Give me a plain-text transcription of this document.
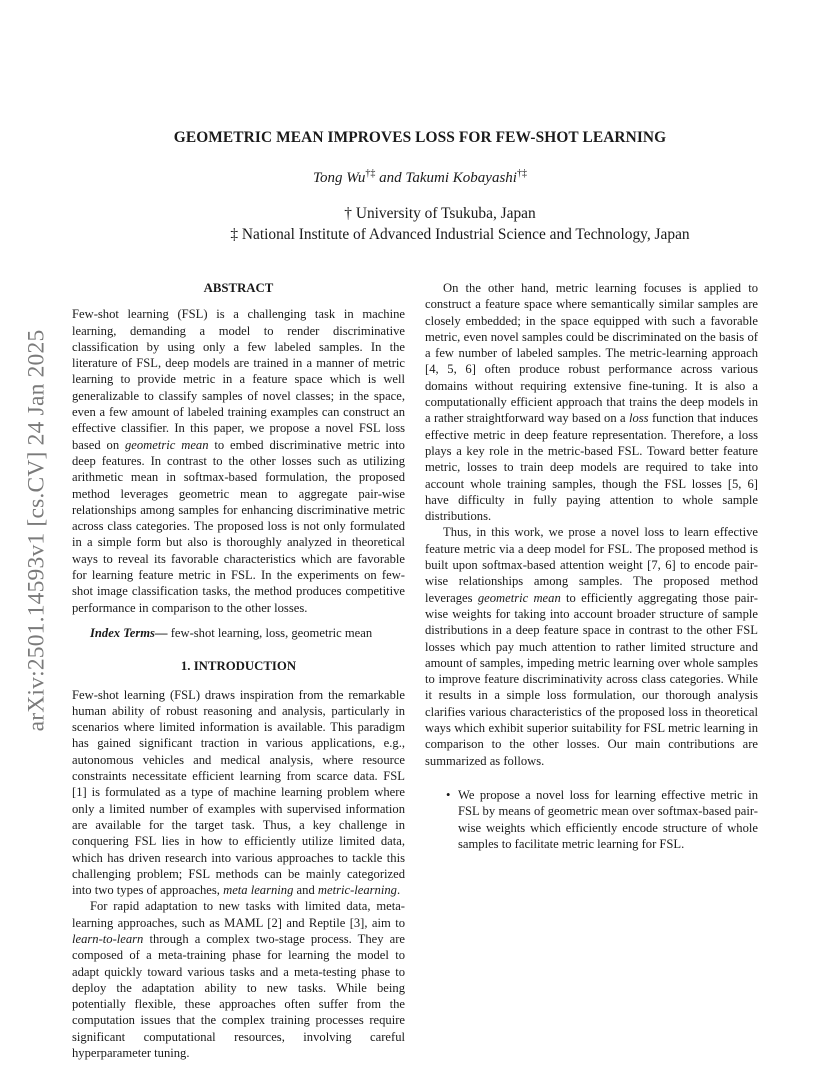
arXiv:2501.14593v1 [cs.CV] 24 Jan 2025
GEOMETRIC MEAN IMPROVES LOSS FOR FEW-SHOT LEARNING
Tong Wu†‡ and Takumi Kobayashi†‡
† University of Tsukuba, Japan
‡ National Institute of Advanced Industrial Science and Technology, Japan
ABSTRACT

Few-shot learning (FSL) is a challenging task in machine learning, demanding a model to render discriminative classification by using only a few labeled samples. In the literature of FSL, deep models are trained in a manner of metric learning to provide metric in a feature space which is well generalizable to classify samples of novel classes; in the space, even a few amount of labeled training examples can construct an effective classifier. In this paper, we propose a novel FSL loss based on geometric mean to embed discriminative metric into deep features. In contrast to the other losses such as utilizing arithmetic mean in softmax-based formulation, the proposed method leverages geometric mean to aggregate pair-wise relationships among samples for enhancing discriminative metric across class categories. The proposed loss is not only formulated in a simple form but also is thoroughly analyzed in theoretical ways to reveal its favorable characteristics which are favorable for learning feature metric in FSL. In the experiments on few-shot image classification tasks, the method produces competitive performance in comparison to the other losses.

Index Terms— few-shot learning, loss, geometric mean

1. INTRODUCTION

Few-shot learning (FSL) draws inspiration from the remarkable human ability of robust reasoning and analysis, particularly in scenarios where limited information is available. This paradigm has gained significant traction in various applications, e.g., autonomous vehicles and medical analysis, where resource constraints necessitate efficient learning from scarce data. FSL [1] is formulated as a type of machine learning problem where only a limited number of examples with supervised information are available for the target task. Thus, a key challenge in conquering FSL lies in how to efficiently utilize limited data, which has driven research into various approaches to tackle this challenging problem; FSL methods can be mainly categorized into two types of approaches, meta learning and metric-learning.

For rapid adaptation to new tasks with limited data, meta-learning approaches, such as MAML [2] and Reptile [3], aim to learn-to-learn through a complex two-stage process. They are composed of a meta-training phase for learning the model to adapt quickly toward various tasks and a meta-testing phase to deploy the adaptation ability to new tasks. While being potentially flexible, these approaches often suffer from the computation issues that the complex training processes require significant computational resources, involving careful hyperparameter tuning.

On the other hand, metric learning focuses is applied to construct a feature space where semantically similar samples are closely embedded; in the space equipped with such a favorable metric, even novel samples could be discriminated on the basis of a few number of labeled samples. The metric-learning approach [4, 5, 6] often produce robust performance across various domains without requiring extensive fine-tuning. It is also a computationally efficient approach that trains the deep models in a rather straightforward way based on a loss function that induces effective metric in deep feature representation. Therefore, a loss plays a key role in the metric-based FSL. Toward better feature metric, losses to train deep models are required to take into account whole training samples, though the FSL losses [5, 6] have difficulty in fully paying attention to whole sample distributions.

Thus, in this work, we prose a novel loss to learn effective feature metric via a deep model for FSL. The proposed method is built upon softmax-based attention weight [7, 6] to encode pair-wise relationships among samples. The proposed method leverages geometric mean to efficiently aggregating those pair-wise weights for taking into account broader structure of sample distributions in a deep feature space in contrast to the other FSL losses which pay much attention to rather limited structure and amount of samples, impeding metric learning over whole samples to improve feature discriminativity across class categories. While it results in a simple loss formulation, our thorough analysis clarifies various characteristics of the proposed loss in theoretical ways which exhibit superior suitability for FSL metric learning in comparison to the other losses. Our main contributions are summarized as follows.

• We propose a novel loss for learning effective metric in FSL by means of geometric mean over softmax-based pair-wise weights which efficiently encode structure of whole samples to facilitate metric learning for FSL.
